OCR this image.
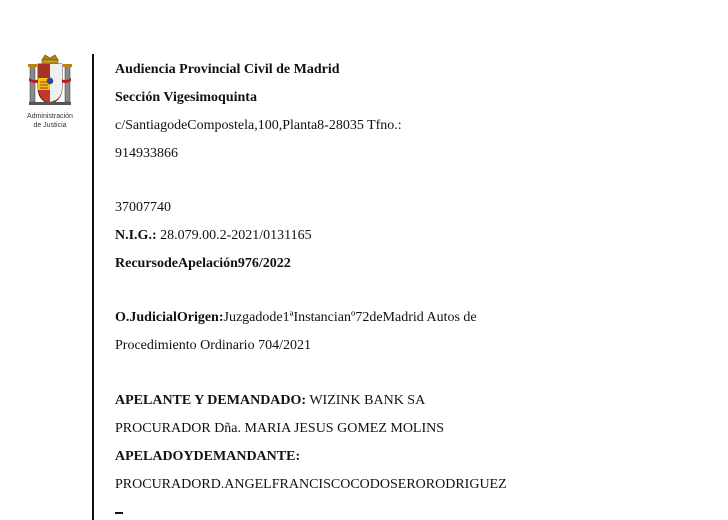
Administración
de Justicia
Audiencia Provincial Civil de Madrid
Sección Vigesimoquinta
c/SantiagodeCompostela,100,Planta8-28035 Tfno.:
914933866
37007740
N.I.G.: 28.079.00.2-2021/0131165
RecursodeApelación976/2022
O.JudicialOrigen:Juzgadode1ªInstancianº72deMadrid Autos de
Procedimiento Ordinario 704/2021
APELANTE Y DEMANDADO: WIZINK BANK SA
PROCURADOR Dña. MARIA JESUS GOMEZ MOLINS
APELADOYDEMANDANTE:
PROCURADORD.ANGELFRANCISCOCODOSERORODRIGUEZ
